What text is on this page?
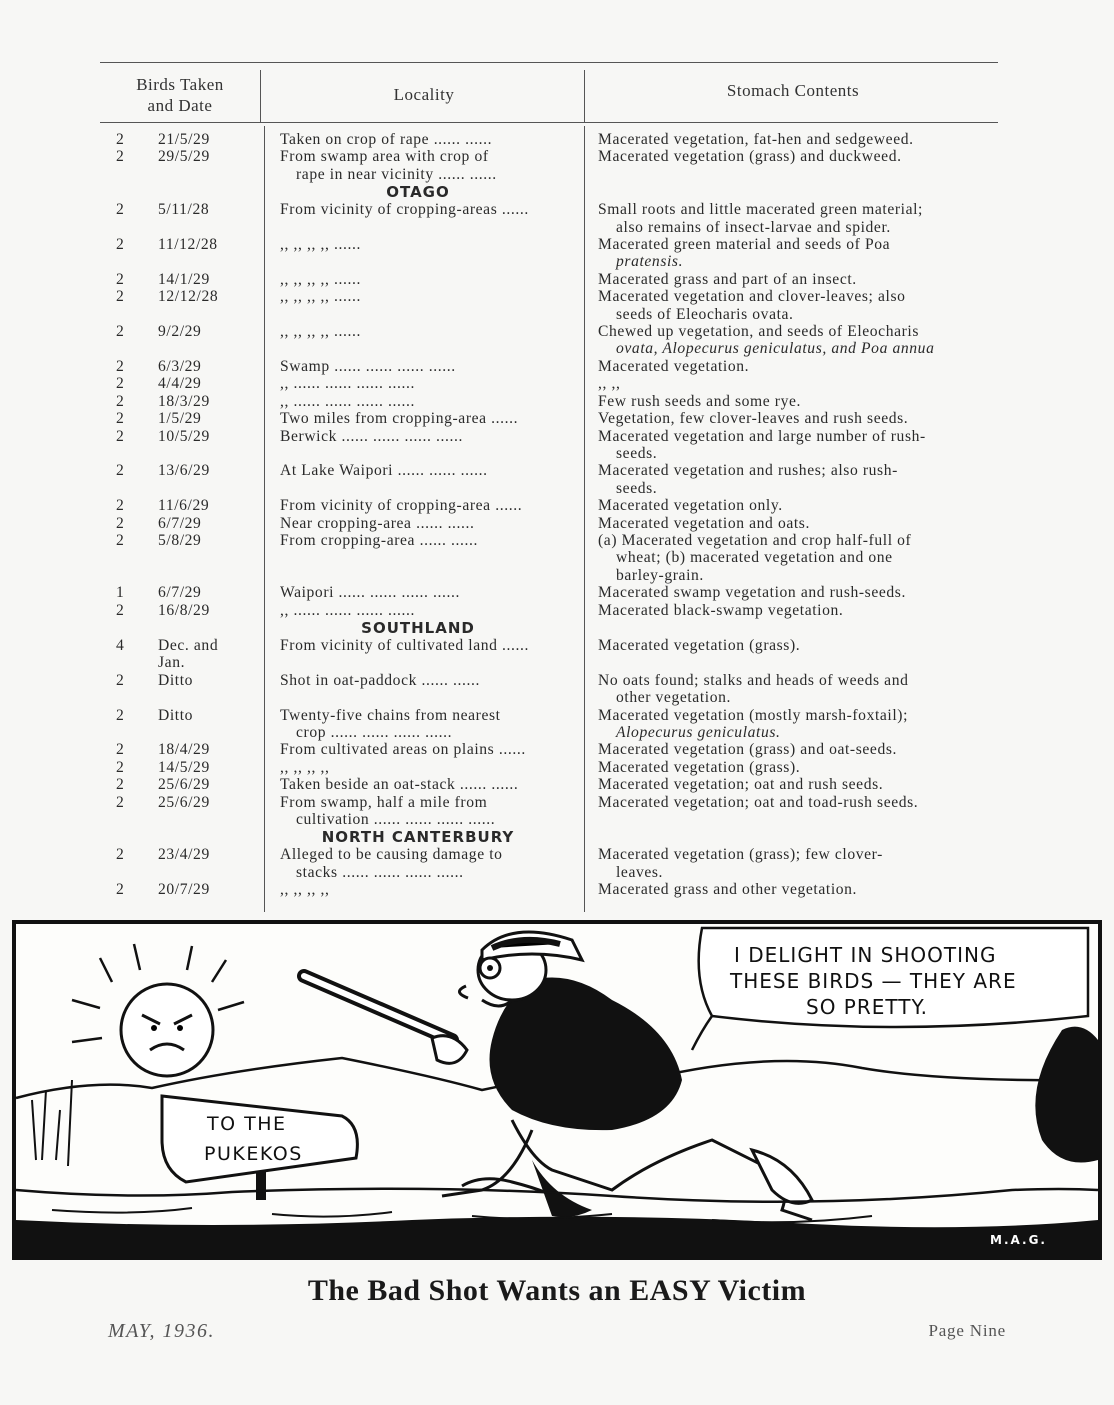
Birds Taken
and Date
Locality	Stomach Contents
2	21/5/29	Taken on crop of rape ...... ......	Macerated vegetation, fat-hen and sedgeweed.
2	29/5/29	From swamp area with crop of	Macerated vegetation (grass) and duckweed.
rape in near vicinity ...... ......
OTAGO
2	5/11/28	From vicinity of cropping-areas ......	Small roots and little macerated green material;
also remains of insect-larvae and spider.
2	11/12/28	,, ,, ,, ,, ......	Macerated green material and seeds of Poa
pratensis.
2	14/1/29	,, ,, ,, ,, ......	Macerated grass and part of an insect.
2	12/12/28	,, ,, ,, ,, ......	Macerated vegetation and clover-leaves; also
seeds of Eleocharis ovata.
2	9/2/29	,, ,, ,, ,, ......	Chewed up vegetation, and seeds of Eleocharis
ovata, Alopecurus geniculatus, and Poa annua
2	6/3/29	Swamp ...... ...... ...... ......	Macerated vegetation.
2	4/4/29	,, ...... ...... ...... ......	,, ,,
2	18/3/29	,, ...... ...... ...... ......	Few rush seeds and some rye.
2	1/5/29	Two miles from cropping-area ......	Vegetation, few clover-leaves and rush seeds.
2	10/5/29	Berwick ...... ...... ...... ......	Macerated vegetation and large number of rush-
seeds.
2	13/6/29	At Lake Waipori ...... ...... ......	Macerated vegetation and rushes; also rush-
seeds.
2	11/6/29	From vicinity of cropping-area ......	Macerated vegetation only.
2	6/7/29	Near cropping-area ...... ......	Macerated vegetation and oats.
2	5/8/29	From cropping-area ...... ......	(a) Macerated vegetation and crop half-full of
wheat; (b) macerated vegetation and one
barley-grain.
1	6/7/29	Waipori ...... ...... ...... ......	Macerated swamp vegetation and rush-seeds.
2	16/8/29	,, ...... ...... ...... ......	Macerated black-swamp vegetation.
SOUTHLAND
4	Dec. and	From vicinity of cultivated land ......	Macerated vegetation (grass).
Jan.
2	Ditto	Shot in oat-paddock ...... ......	No oats found; stalks and heads of weeds and
other vegetation.
2	Ditto	Twenty-five chains from nearest	Macerated vegetation (mostly marsh-foxtail);
crop ...... ...... ...... ......	Alopecurus geniculatus.
2	18/4/29	From cultivated areas on plains ......	Macerated vegetation (grass) and oat-seeds.
2	14/5/29	,, ,, ,, ,,	Macerated vegetation (grass).
2	25/6/29	Taken beside an oat-stack ...... ......	Macerated vegetation; oat and rush seeds.
2	25/6/29	From swamp, half a mile from	Macerated vegetation; oat and toad-rush seeds.
cultivation ...... ...... ...... ......
NORTH CANTERBURY
2	23/4/29	Alleged to be causing damage to	Macerated vegetation (grass); few clover-
stacks ...... ...... ...... ......	leaves.
2	20/7/29	,, ,, ,, ,,	Macerated grass and other vegetation.
I DELIGHT IN SHOOTING
THESE BIRDS — THEY ARE
SO PRETTY.
TO THE
PUKEKOS
M.A.G.
The Bad Shot Wants an EASY Victim
MAY, 1936.	Page Nine
